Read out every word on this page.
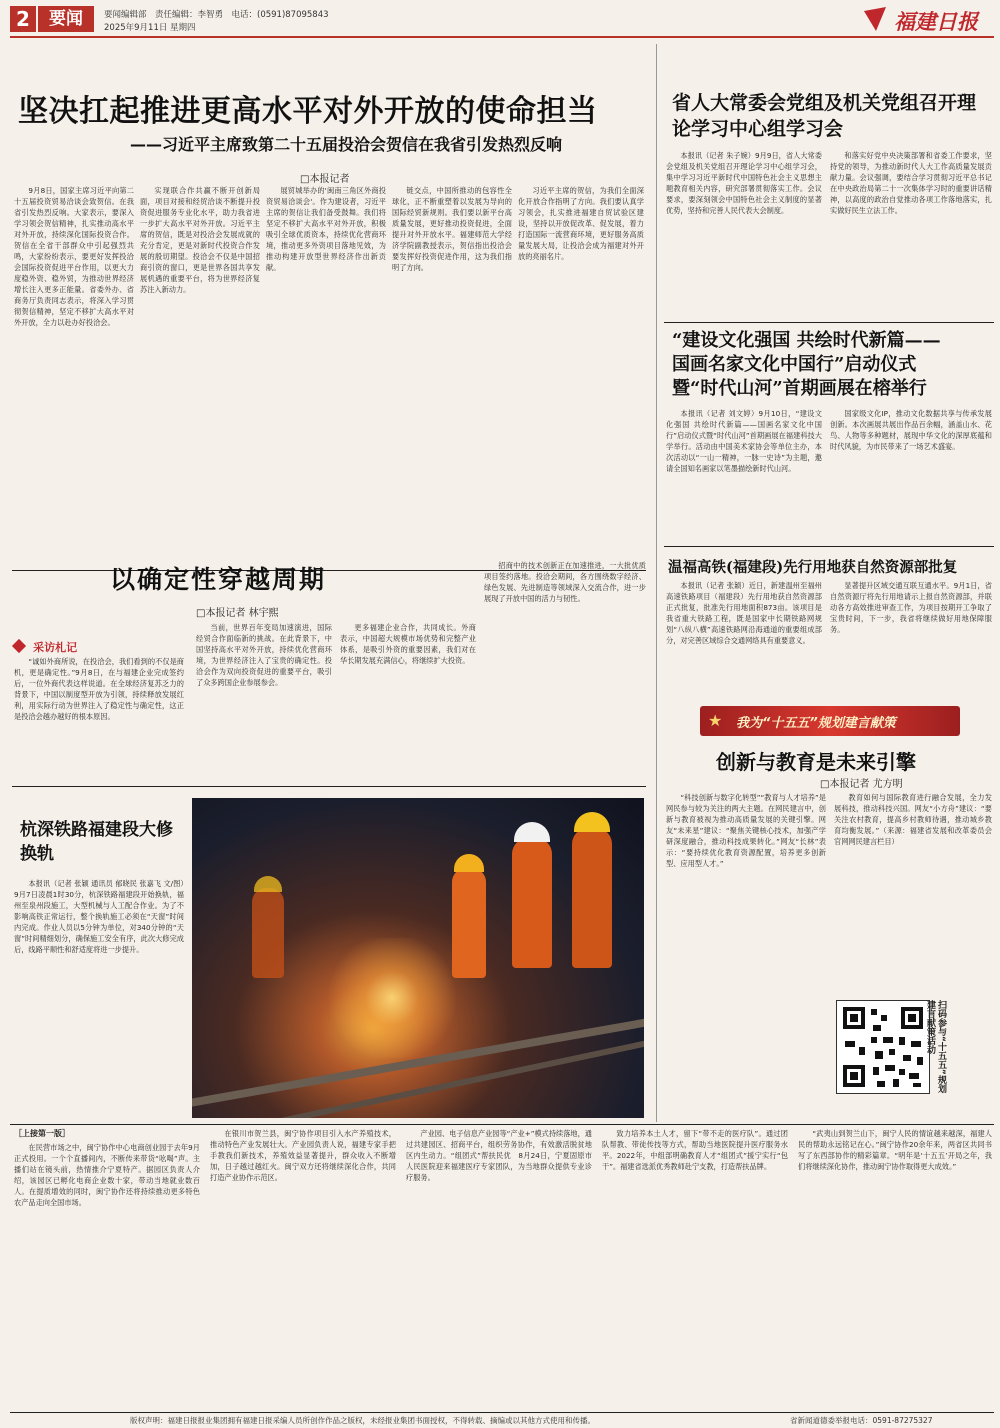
2	要闻	要闻编辑部　责任编辑：李智勇　电话：(0591)87095843
2025年9月11日 星期四	福建日报
坚决扛起推进更高水平对外开放的使命担当
——习近平主席致第二十五届投洽会贺信在我省引发热烈反响
□本报记者

9月8日，国家主席习近平向第二十五届投资贸易洽谈会致贺信。在我省引发热烈反响。大家表示，要深入学习领会贺信精神，扎实推动高水平对外开放，持续深化国际投资合作。贺信在全省干部群众中引起强烈共鸣，大家纷纷表示，要更好发挥投洽会国际投资促进平台作用，以更大力度稳外资、稳外贸，为推动世界经济增长注入更多正能量。省委外办、省商务厅负责同志表示，将深入学习贯彻贺信精神，坚定不移扩大高水平对外开放，全力以赴办好投洽会。

实现联合作共赢不断开创新局面，项目对接和经贸洽谈不断提升投资促进服务专业化水平，助力我省进一步扩大高水平对外开放。习近平主席的贺信，既是对投洽会发展成就的充分肯定，更是对新时代投资合作发展的殷切期望。投洽会不仅是中国招商引资的窗口，更是世界各国共享发展机遇的重要平台，将为世界经济复苏注入新动力。

展贸城举办的'闽南三角区外商投资贸易洽谈会'。作为建设者，习近平主席的贺信让我们备受鼓舞。我们将坚定不移扩大高水平对外开放，积极吸引全球优质资本，持续优化营商环境，推动更多外资项目落地见效，为推动构建开放型世界经济作出新贡献。

链交点，中国所推动的包容性全球化，正不断重塑着以发展为导向的国际经贸新规则。我们要以新平台高质量发展，更好推动投资促进，全面提升对外开放水平。福建师范大学经济学院副教授表示，贺信指出投洽会要发挥好投资促进作用，这为我们指明了方向。

习近平主席的贺信，为我们全面深化开放合作指明了方向。我们要认真学习领会，扎实推进福建自贸试验区建设，坚持以开放促改革、促发展，着力打造国际一流营商环境，更好服务高质量发展大局，让投洽会成为福建对外开放的亮丽名片。

省人大常委会党组及机关党组召开理论学习中心组学习会

本报讯（记者 朱子婉）9月9日，省人大常委会党组及机关党组召开理论学习中心组学习会，集中学习习近平新时代中国特色社会主义思想主题教育相关内容，研究部署贯彻落实工作。会议要求，要深刻领会中国特色社会主义制度的显著优势，坚持和完善人民代表大会制度。

和落实好党中央决策部署和省委工作要求，坚持党的领导，为推动新时代人大工作高质量发展贡献力量。会议强调，要结合学习贯彻习近平总书记在中央政治局第二十一次集体学习时的重要讲话精神，以高度的政治自觉推动各项工作落地落实，扎实做好民生立法工作。

“建设文化强国 共绘时代新篇——
国画名家文化中国行”启动仪式
暨“时代山河”首期画展在榕举行

本报讯（记者 刘文婷）9月10日，“建设文化强国 共绘时代新篇——国画名家文化中国行”启动仪式暨“时代山河”首期画展在福建科技大学举行。活动由中国美术家协会等单位主办，本次活动以“一山一精神，一脉一史诗”为主题，邀请全国知名画家以笔墨描绘新时代山河。

国家级文化IP，推动文化数据共享与传承发展创新。本次画展共展出作品百余幅，涵盖山水、花鸟、人物等多种题材，展现中华文化的深厚底蕴和时代风貌，为市民带来了一场艺术盛宴。

温福高铁(福建段)先行用地获自然资源部批复

本报讯（记者 张颖）近日，新建温州至福州高速铁路项目（福建段）先行用地获自然资源部正式批复，批准先行用地面积873亩。该项目是我省重大铁路工程，既是国家中长期铁路网规划“八纵八横”高速铁路网沿海通道的重要组成部分，对完善区域综合交通网络具有重要意义。

显著提升区域交通互联互通水平。9月1日，省自然资源厅将先行用地请示上报自然资源部，并联动各方高效推进审查工作，为项目按期开工争取了宝贵时间，下一步，我省将继续做好用地保障服务。

★ 我为“十五五”规划建言献策
创新与教育是未来引擎
□本报记者 尤方明

“科技创新与数字化转型”“教育与人才培养”是网民参与较为关注的两大主题。在网民建言中，创新与教育被视为推动高质量发展的关键引擎。网友“未来星”建议：“聚焦关键核心技术，加强产学研深度融合，推动科技成果转化。”网友“长林”表示：“要持续优化教育资源配置，培养更多创新型、应用型人才。”

教育如何与国际教育进行融合发展，全力发展科技，推动科技兴国。网友“小方舟”建议：“要关注农村教育，提高乡村教师待遇，推动城乡教育均衡发展。”（来源：福建省发展和改革委员会官网网民建言栏目）

扫码参与“十五五”规划建言献策活动
以确定性穿越周期
□本报记者 林宇熙
采访札记

“诚如外商所说，在投洽会，我们看到的不仅是商机，更是确定性。”9月8日，在与福建企业完成签约后，一位外商代表这样说道。在全球经济复苏乏力的背景下，中国以制度型开放为引领，持续释放发展红利，用实际行动为世界注入了稳定性与确定性，这正是投洽会越办越好的根本原因。

当前，世界百年变局加速演进，国际经贸合作面临新的挑战。在此背景下，中国坚持高水平对外开放，持续优化营商环境，为世界经济注入了宝贵的确定性。投洽会作为双向投资促进的重要平台，吸引了众多跨国企业参展参会。

更多福建企业合作，共同成长。外商表示，中国超大规模市场优势和完整产业体系，是吸引外资的重要因素，我们对在华长期发展充满信心，将继续扩大投资。

招商中的技术创新正在加速推进，一大批优质项目签约落地。投洽会期间，各方围绕数字经济、绿色发展、先进制造等领域深入交流合作，进一步展现了开放中国的活力与韧性。

杭深铁路福建段大修换轨

本报讯（记者 张颖 通讯员 郁晓民 张嘉飞 文/图）9月7日凌晨1时30分，杭深铁路福建段开始换轨，福州至泉州段施工，大型机械与人工配合作业。为了不影响高铁正常运行，整个换轨施工必须在“天窗”时间内完成。作业人员以5分钟为单位，对340分钟的“天窗”时间精细划分，确保施工安全有序，此次大修完成后，线路平顺性和舒适度将进一步提升。

［上接第一版］

在民营市场之中，闽宁协作中心电商创业园于去年9月正式投用。一个个直播间内，不断传来带货“吆喝”声。主播们站在镜头前，热情推介宁夏特产。据园区负责人介绍，该园区已孵化电商企业数十家，带动当地就业数百人。在提质增效的同时，闽宁协作还将持续推动更多特色农产品走向全国市场。

在银川市贺兰县，闽宁协作项目引入水产养殖技术，推动特色产业发展壮大。产业园负责人说，福建专家手把手教我们新技术，养殖效益显著提升，群众收入不断增加，日子越过越红火。闽宁双方还将继续深化合作，共同打造产业协作示范区。

产业园、电子信息产业园等“产业+”模式持续落地，通过共建园区、招商平台，组织劳务协作，有效激活脱贫地区内生动力。“组团式”帮扶民优　8月24日，宁夏固原市人民医院迎来福建医疗专家团队，为当地群众提供专业诊疗服务。

致力培养本土人才，留下“带不走的医疗队”。通过团队帮教、带徒传技等方式，帮助当地医院提升医疗服务水平。2022年，中组部明确教育人才“组团式”援宁实行“包干”。福建省选派优秀教师赴宁支教，打造帮扶品牌。

“武夷山到贺兰山下，闽宁人民的情谊越来越深，福建人民的帮助永远铭记在心。”闽宁协作20余年来，两省区共同书写了东西部协作的精彩篇章。“明年是‘十五五’开局之年，我们将继续深化协作，推动闽宁协作取得更大成效。”

版权声明：福建日报报业集团拥有福建日报采编人员所创作作品之版权，未经报业集团书面授权，不得转载、摘编或以其他方式使用和传播。	省新闻道德委举报电话：0591-87275327
